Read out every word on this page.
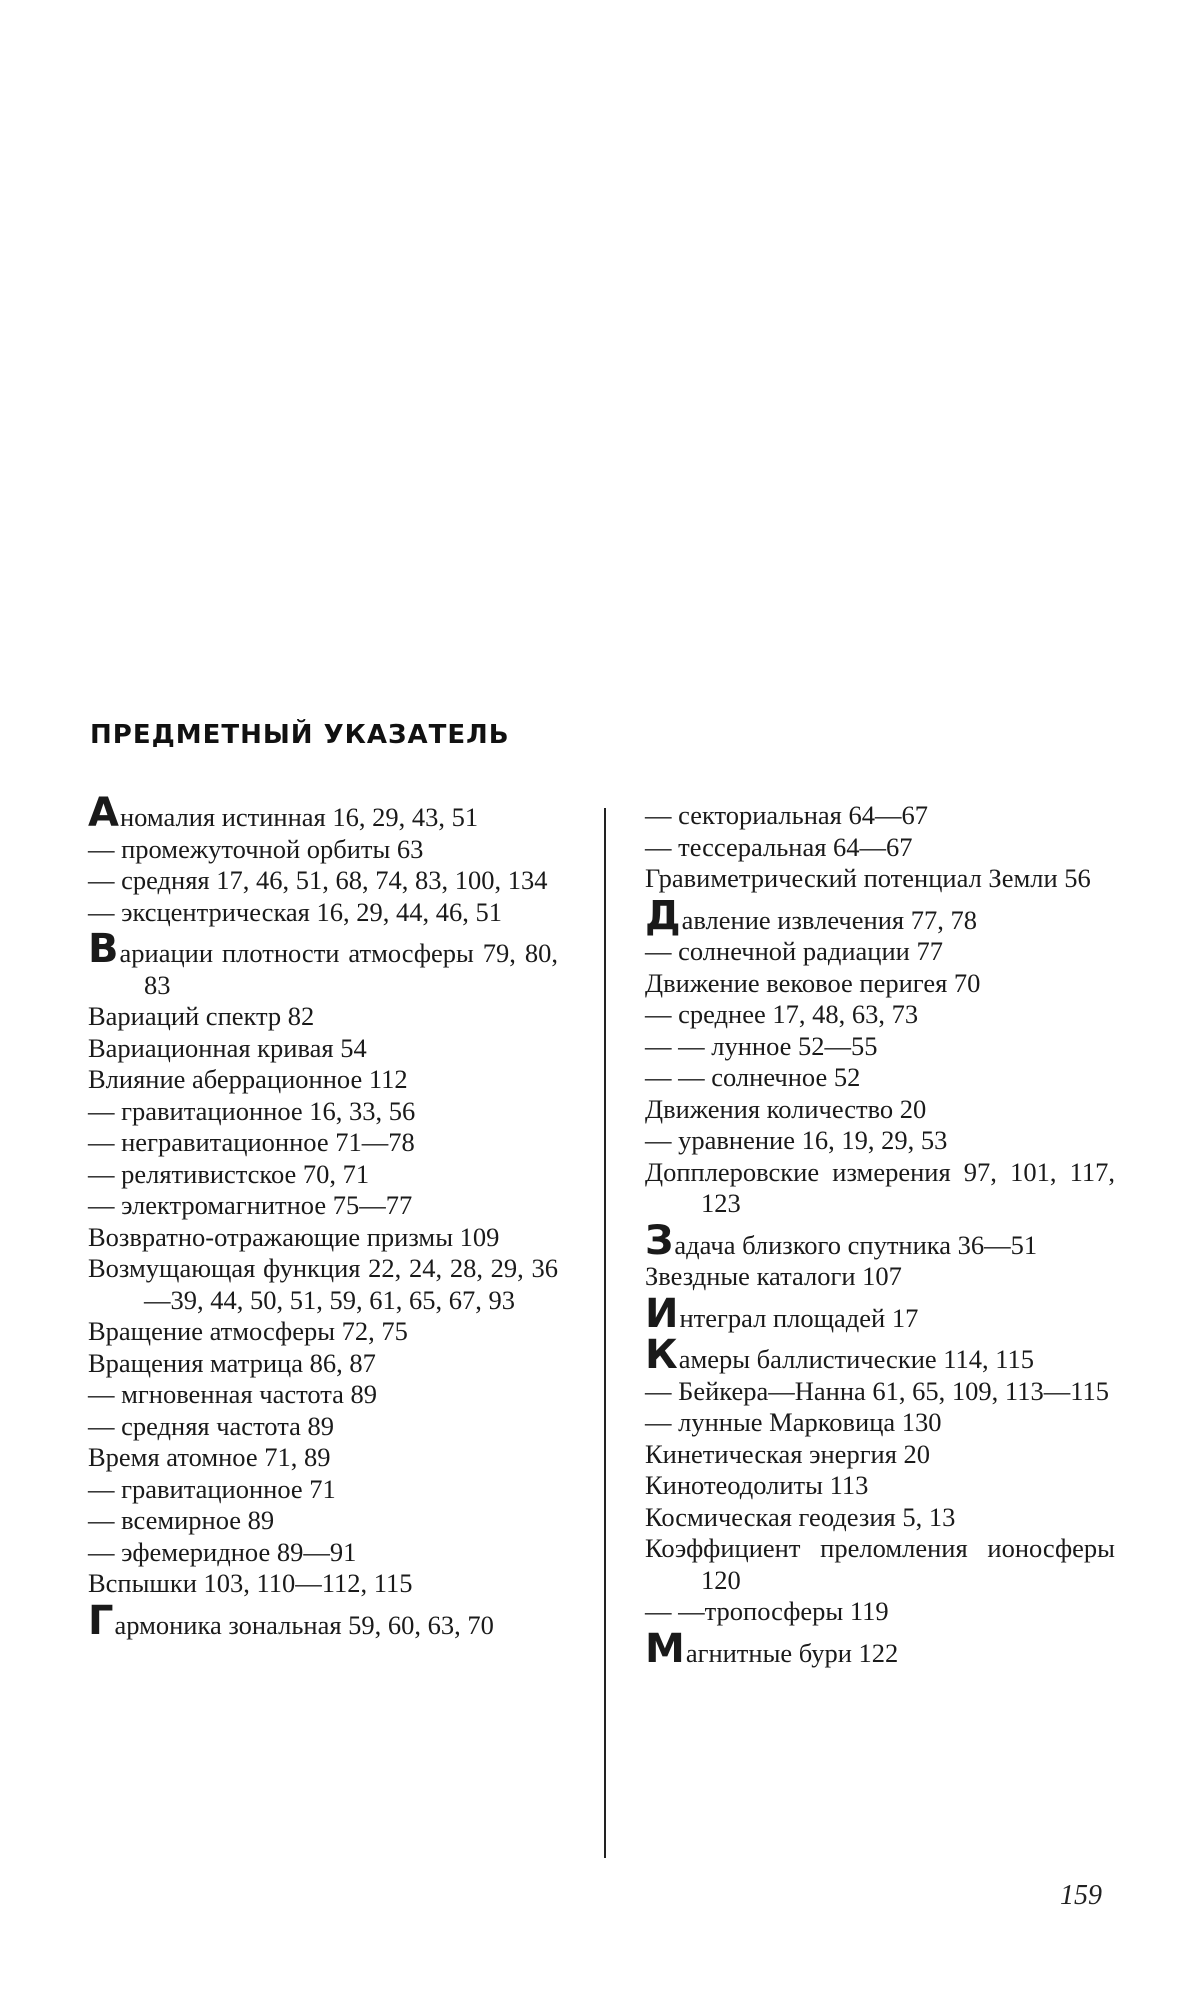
ПРЕДМЕТНЫЙ УКАЗАТЕЛЬ
Аномалия истинная 16, 29, 43, 51
— промежуточной орбиты 63
— средняя 17, 46, 51, 68, 74, 83, 100, 134
— эксцентрическая 16, 29, 44, 46, 51
Вариации плотности атмосферы 79, 80, 83
Вариаций спектр 82
Вариационная кривая 54
Влияние аберрационное 112
— гравитационное 16, 33, 56
— негравитационное 71—78
— релятивистское 70, 71
— электромагнитное 75—77
Возвратно-отражающие призмы 109
Возмущающая функция 22, 24, 28, 29, 36—39, 44, 50, 51, 59, 61, 65, 67, 93
Вращение атмосферы 72, 75
Вращения матрица 86, 87
— мгновенная частота 89
— средняя частота 89
Время атомное 71, 89
— гравитационное 71
— всемирное 89
— эфемеридное 89—91
Вспышки 103, 110—112, 115
Гармоника зональная 59, 60, 63, 70
— секториальная 64—67
— тессеральная 64—67
Гравиметрический потенциал Земли 56
Давление извлечения 77, 78
— солнечной радиации 77
Движение вековое перигея 70
— среднее 17, 48, 63, 73
— — лунное 52—55
— — солнечное 52
Движения количество 20
— уравнение 16, 19, 29, 53
Допплеровские измерения 97, 101, 117, 123
Задача близкого спутника 36—51
Звездные каталоги 107
Интеграл площадей 17
Камеры баллистические 114, 115
— Бейкера—Нанна 61, 65, 109, 113—115
— лунные Марковица 130
Кинетическая энергия 20
Кинотеодолиты 113
Космическая геодезия 5, 13
Коэффициент преломления ионосферы 120
— —тропосферы 119
Магнитные бури 122
159
